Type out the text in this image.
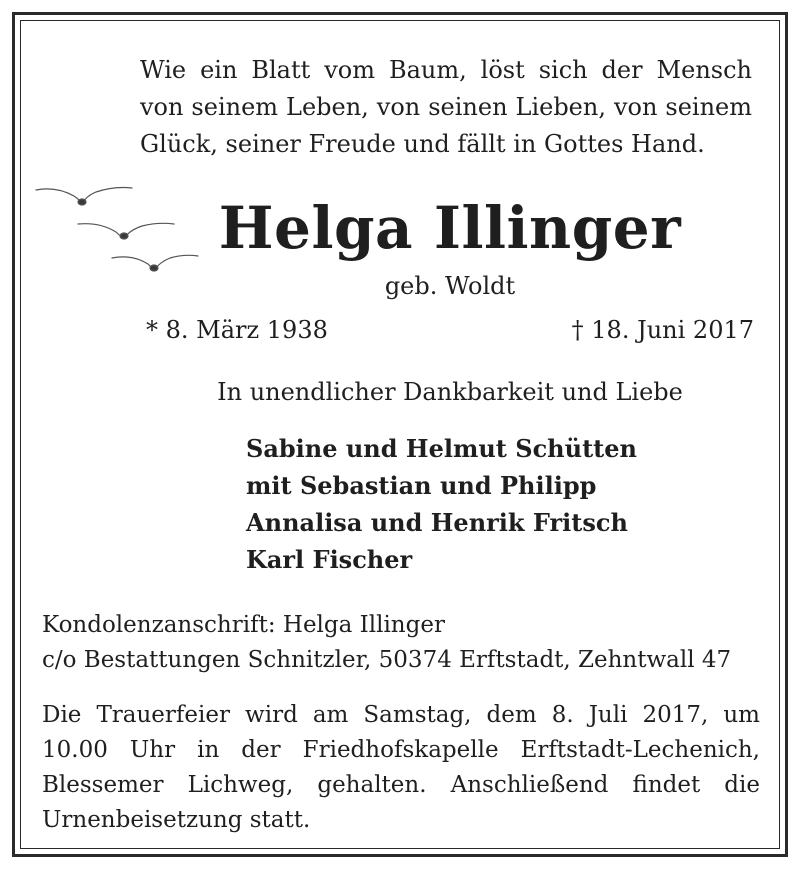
Wie ein Blatt vom Baum, löst sich der Mensch von seinem Leben, von seinen Lieben, von seinem Glück, seiner Freude und fällt in Gottes Hand.
Helga Illinger
geb. Woldt
* 8. März 1938	† 18. Juni 2017
In unendlicher Dankbarkeit und Liebe
Sabine und Helmut Schütten
mit Sebastian und Philipp
Annalisa und Henrik Fritsch
Karl Fischer
Kondolenzanschrift: Helga Illinger
c/o Bestattungen Schnitzler, 50374 Erftstadt, Zehntwall 47
Die Trauerfeier wird am Samstag, dem 8. Juli 2017, um 10.00 Uhr in der Friedhofskapelle Erftstadt-Lechenich, Blessemer Lichweg, gehalten. Anschließend findet die Urnenbeisetzung statt.
